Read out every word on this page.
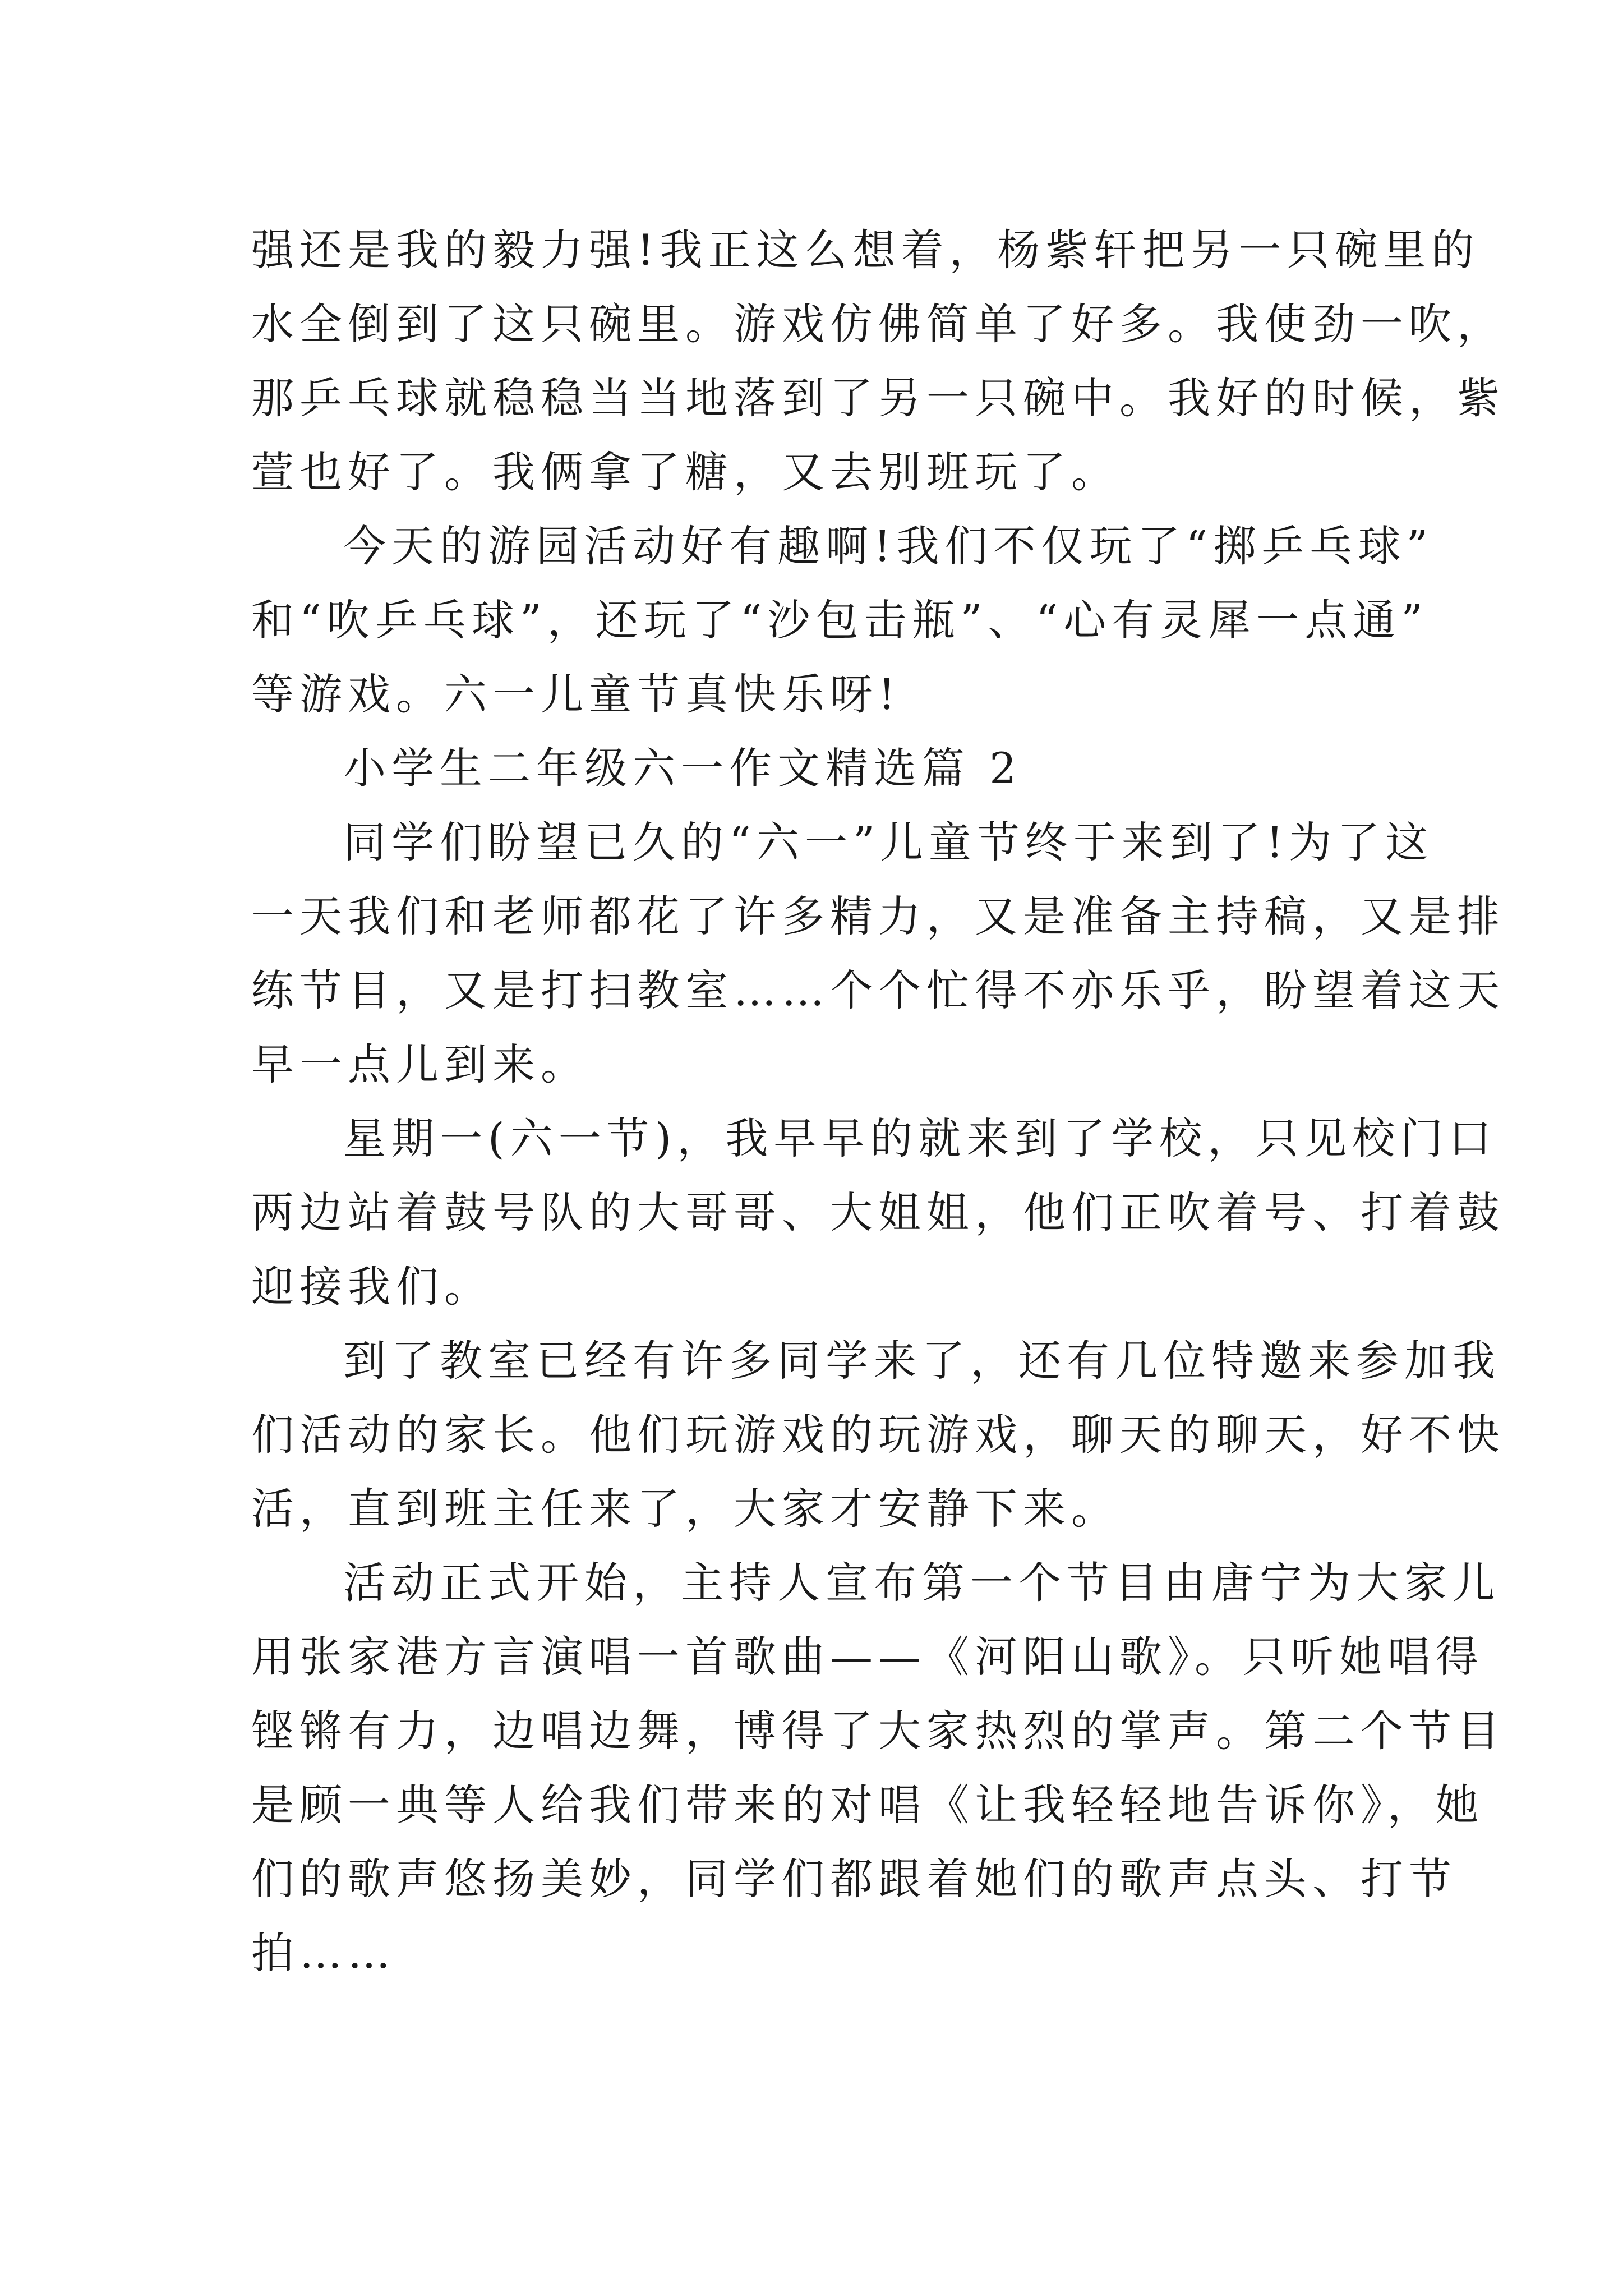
强还是我的毅力强!我正这么想着，杨紫轩把另一只碗里的
水全倒到了这只碗里。游戏仿佛简单了好多。我使劲一吹，
那乒乓球就稳稳当当地落到了另一只碗中。我好的时候，紫
萱也好了。我俩拿了糖，又去别班玩了。
今天的游园活动好有趣啊!我们不仅玩了“掷乒乓球”
和“吹乒乓球”，还玩了“沙包击瓶”、“心有灵犀一点通”
等游戏。六一儿童节真快乐呀!
小学生二年级六一作文精选篇 2
同学们盼望已久的“六一”儿童节终于来到了!为了这
一天我们和老师都花了许多精力，又是准备主持稿，又是排
练节目，又是打扫教室……个个忙得不亦乐乎，盼望着这天
早一点儿到来。
星期一(六一节)，我早早的就来到了学校，只见校门口
两边站着鼓号队的大哥哥、大姐姐，他们正吹着号、打着鼓
迎接我们。
到了教室已经有许多同学来了，还有几位特邀来参加我
们活动的家长。他们玩游戏的玩游戏，聊天的聊天，好不快
活，直到班主任来了，大家才安静下来。
活动正式开始，主持人宣布第一个节目由唐宁为大家儿
用张家港方言演唱一首歌曲——《河阳山歌》。只听她唱得
铿锵有力，边唱边舞，博得了大家热烈的掌声。第二个节目
是顾一典等人给我们带来的对唱《让我轻轻地告诉你》，她
们的歌声悠扬美妙，同学们都跟着她们的歌声点头、打节
拍……
